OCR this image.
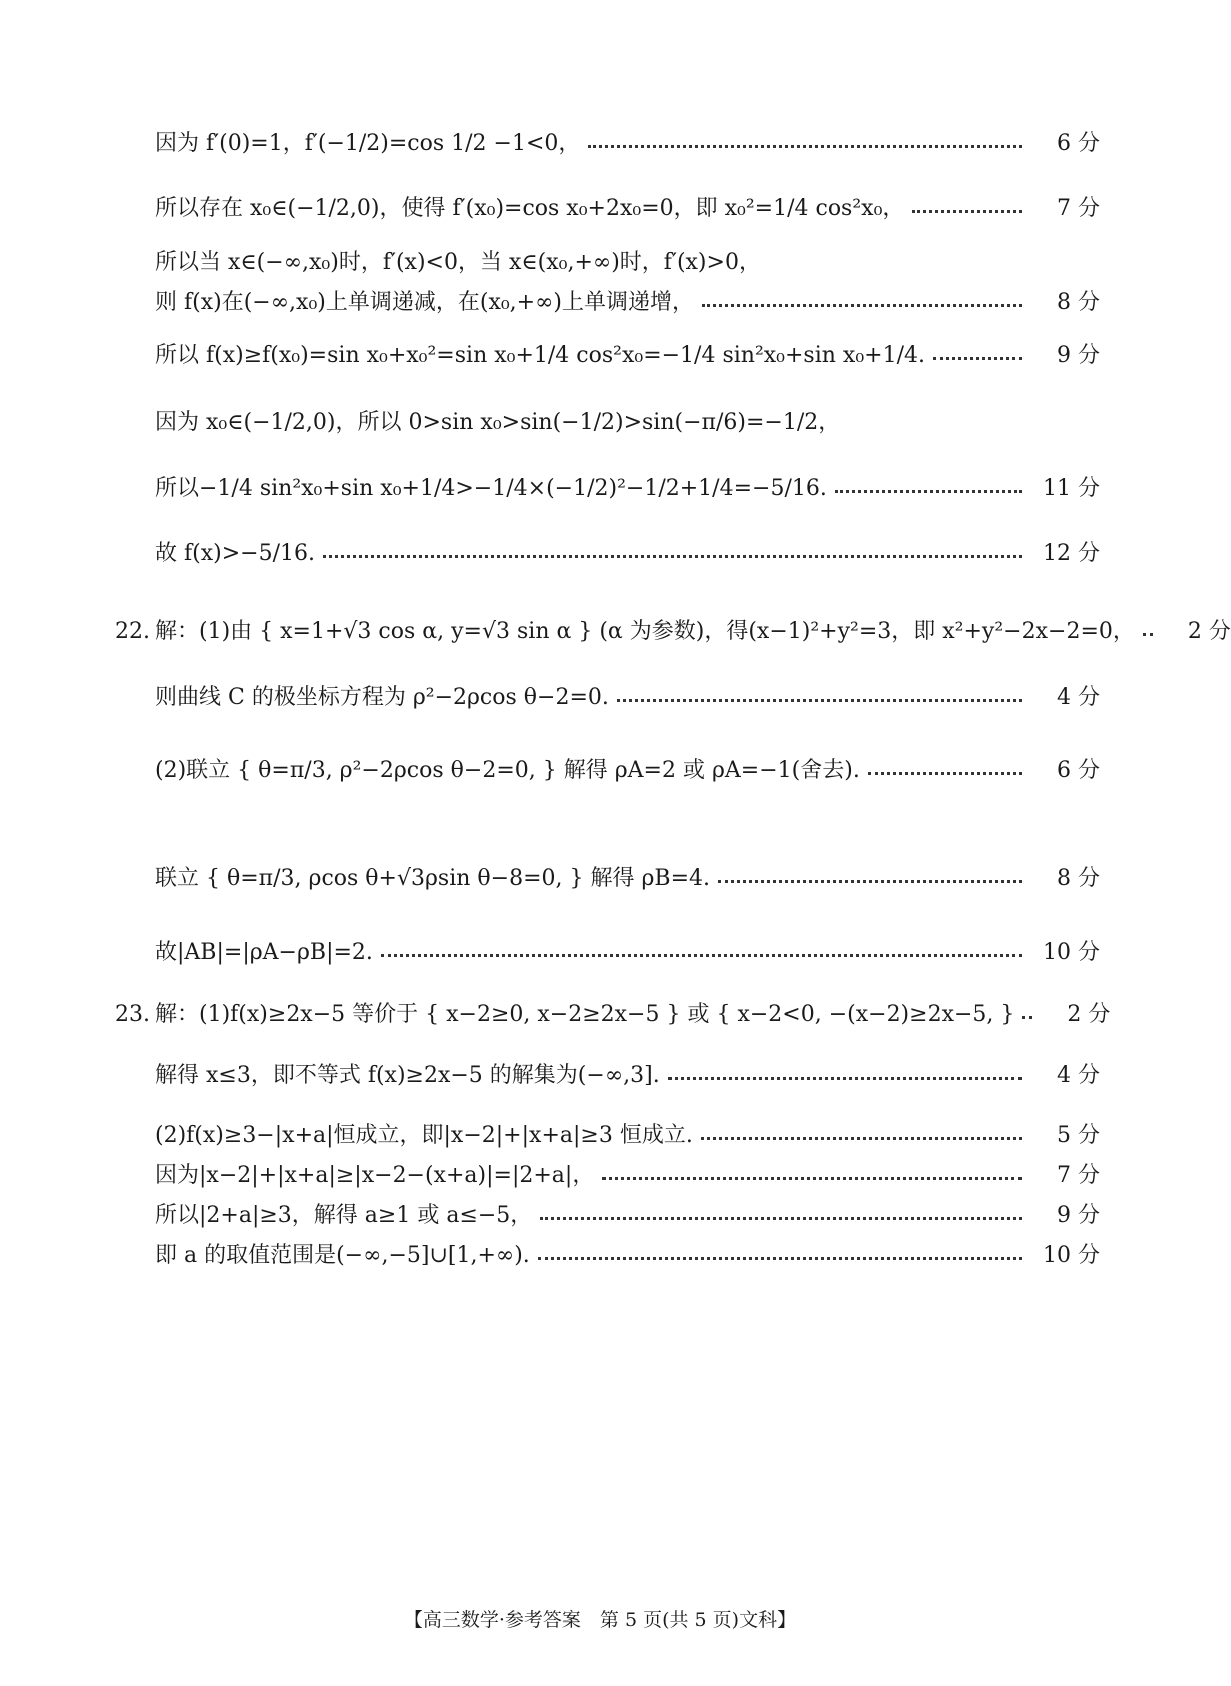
因为 f′(0)=1，f′(−1/2)=cos 1/2 −1<0，	6 分
所以存在 x₀∈(−1/2,0)，使得 f′(x₀)=cos x₀+2x₀=0，即 x₀²=1/4 cos²x₀，	7 分
所以当 x∈(−∞,x₀)时，f′(x)<0，当 x∈(x₀,+∞)时，f′(x)>0，
则 f(x)在(−∞,x₀)上单调递减，在(x₀,+∞)上单调递增，	8 分
所以 f(x)≥f(x₀)=sin x₀+x₀²=sin x₀+1/4 cos²x₀=−1/4 sin²x₀+sin x₀+1/4.	9 分
因为 x₀∈(−1/2,0)，所以 0>sin x₀>sin(−1/2)>sin(−π/6)=−1/2，
所以−1/4 sin²x₀+sin x₀+1/4>−1/4×(−1/2)²−1/2+1/4=−5/16.	11 分
故 f(x)>−5/16.	12 分
22. 解：(1)由 { x=1+√3 cos α, y=√3 sin α } (α 为参数)，得(x−1)²+y²=3，即 x²+y²−2x−2=0，	2 分
则曲线 C 的极坐标方程为 ρ²−2ρcos θ−2=0.	4 分
(2)联立 { θ=π/3, ρ²−2ρcos θ−2=0, } 解得 ρA=2 或 ρA=−1(舍去).	6 分
联立 { θ=π/3, ρcos θ+√3ρsin θ−8=0, } 解得 ρB=4.	8 分
故|AB|=|ρA−ρB|=2.	10 分
23. 解：(1)f(x)≥2x−5 等价于 { x−2≥0, x−2≥2x−5 } 或 { x−2<0, −(x−2)≥2x−5, }	2 分
解得 x≤3，即不等式 f(x)≥2x−5 的解集为(−∞,3].	4 分
(2)f(x)≥3−|x+a|恒成立，即|x−2|+|x+a|≥3 恒成立.	5 分
因为|x−2|+|x+a|≥|x−2−(x+a)|=|2+a|，	7 分
所以|2+a|≥3，解得 a≥1 或 a≤−5，	9 分
即 a 的取值范围是(−∞,−5]∪[1,+∞).	10 分
【高三数学·参考答案　第 5 页(共 5 页)文科】
